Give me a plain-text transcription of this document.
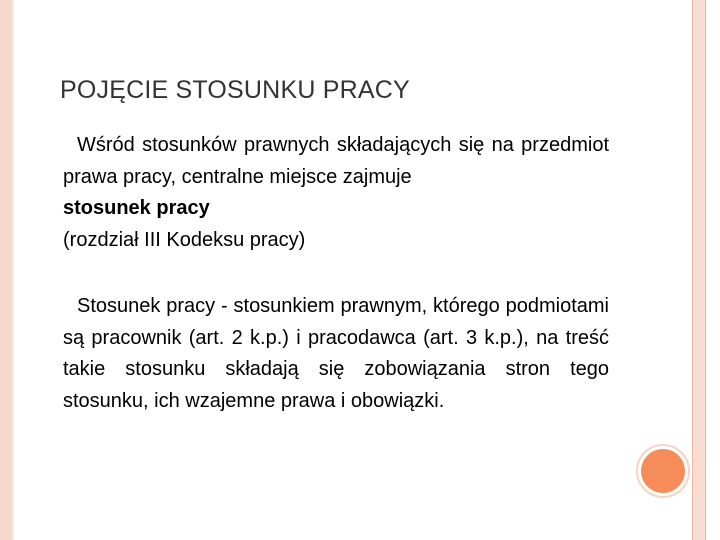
POJĘCIE STOSUNKU PRACY
Wśród stosunków prawnych składających się na przedmiot prawa pracy, centralne miejsce zajmuje
stosunek pracy
(rozdział III Kodeksu pracy)
Stosunek pracy - stosunkiem prawnym, którego podmiotami są pracownik (art. 2 k.p.) i pracodawca (art. 3 k.p.), na treść takie stosunku składają się zobowiązania stron tego stosunku, ich wzajemne prawa i obowiązki.
